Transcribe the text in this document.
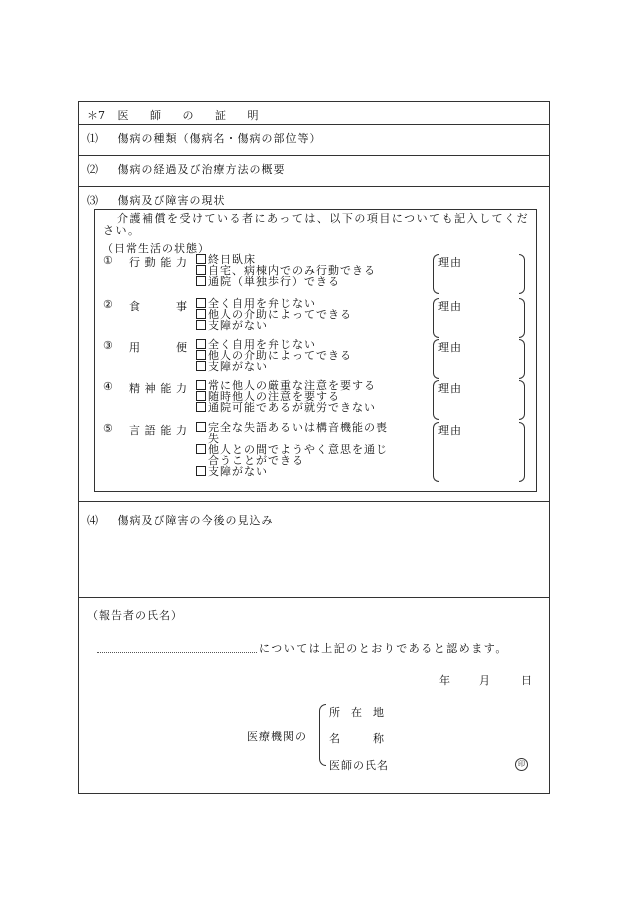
＊7 医 師 の 証 明
⑴ 傷病の種類（傷病名・傷病の部位等）
⑵ 傷病の経過及び治療方法の概要
⑶ 傷病及び障害の現状
介護補償を受けている者にあっては、以下の項目についても記入してください。
（日常生活の状態）
① 行動能力	終日臥床
自宅、病棟内でのみ行動できる
通院（単独歩行）できる
理由
② 食事	全く自用を弁じない
他人の介助によってできる
支障がない
理由
③ 用便	全く自用を弁じない
他人の介助によってできる
支障がない
理由
④ 精神能力	常に他人の厳重な注意を要する
随時他人の注意を要する
通院可能であるが就労できない
理由
⑤ 言語能力	完全な失語あるいは構音機能の喪
失
他人との間でようやく意思を通じ
合うことができる
支障がない
理由
⑷ 傷病及び障害の今後の見込み
（報告者の氏名）
については上記のとおりであると認めます。
年	月	日
医療機関の
所　在　地
名　　　称
医師の氏名	印
